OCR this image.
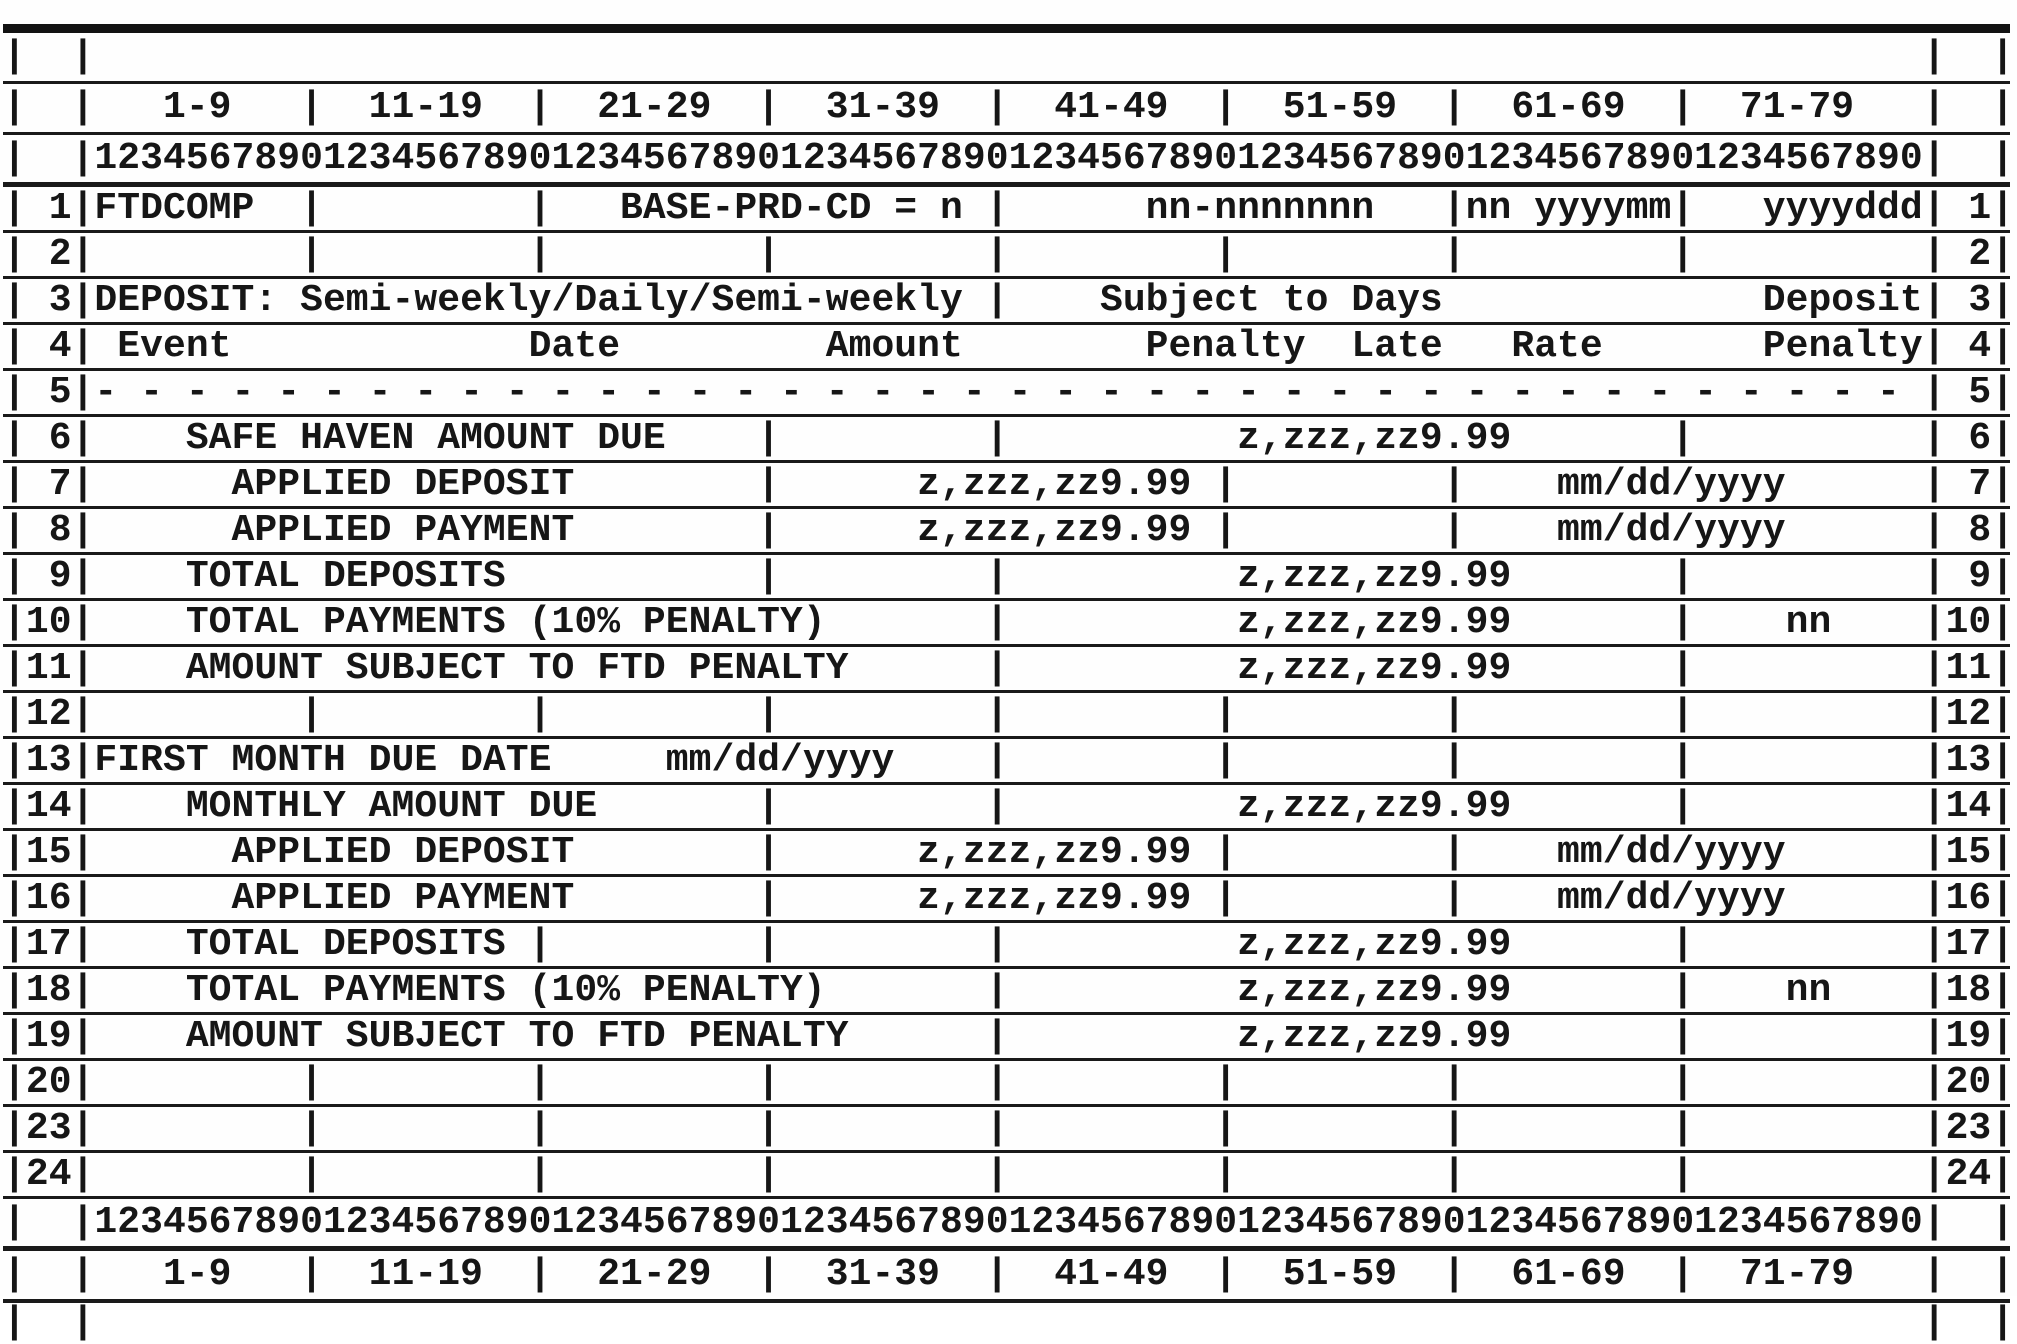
|  |                                                                                |  |
|  |   1-9   |  11-19  |  21-29  |  31-39  |  41-49  |  51-59  |  61-69  |  71-79   |  |
|  |12345678901234567890123456789012345678901234567890123456789012345678901234567890|  |
| 1|FTDCOMP  |         |   BASE-PRD-CD = n |      nn-nnnnnnn   |nn yyyymm|   yyyyddd| 1|
| 2|         |         |         |         |         |         |         |          | 2|
| 3|DEPOSIT: Semi-weekly/Daily/Semi-weekly |    Subject to Days              Deposit| 3|
| 4| Event             Date         Amount        Penalty  Late   Rate       Penalty| 4|
| 5|- - - - - - - - - - - - - - - - - - - - - - - - - - - - - - - - - - - - - - - - | 5|
| 6|    SAFE HAVEN AMOUNT DUE    |         |          z,zzz,zz9.99       |          | 6|
| 7|      APPLIED DEPOSIT        |      z,zzz,zz9.99 |         |    mm/dd/yyyy      | 7|
| 8|      APPLIED PAYMENT        |      z,zzz,zz9.99 |         |    mm/dd/yyyy      | 8|
| 9|    TOTAL DEPOSITS           |         |          z,zzz,zz9.99       |          | 9|
|10|    TOTAL PAYMENTS (10% PENALTY)       |          z,zzz,zz9.99       |    nn    |10|
|11|    AMOUNT SUBJECT TO FTD PENALTY      |          z,zzz,zz9.99       |          |11|
|12|         |         |         |         |         |         |         |          |12|
|13|FIRST MONTH DUE DATE     mm/dd/yyyy    |         |         |         |          |13|
|14|    MONTHLY AMOUNT DUE       |         |          z,zzz,zz9.99       |          |14|
|15|      APPLIED DEPOSIT        |      z,zzz,zz9.99 |         |    mm/dd/yyyy      |15|
|16|      APPLIED PAYMENT        |      z,zzz,zz9.99 |         |    mm/dd/yyyy      |16|
|17|    TOTAL DEPOSITS |         |         |          z,zzz,zz9.99       |          |17|
|18|    TOTAL PAYMENTS (10% PENALTY)       |          z,zzz,zz9.99       |    nn    |18|
|19|    AMOUNT SUBJECT TO FTD PENALTY      |          z,zzz,zz9.99       |          |19|
|20|         |         |         |         |         |         |         |          |20|
|23|         |         |         |         |         |         |         |          |23|
|24|         |         |         |         |         |         |         |          |24|
|  |12345678901234567890123456789012345678901234567890123456789012345678901234567890|  |
|  |   1-9   |  11-19  |  21-29  |  31-39  |  41-49  |  51-59  |  61-69  |  71-79   |  |
|  |                                                                                |  |
